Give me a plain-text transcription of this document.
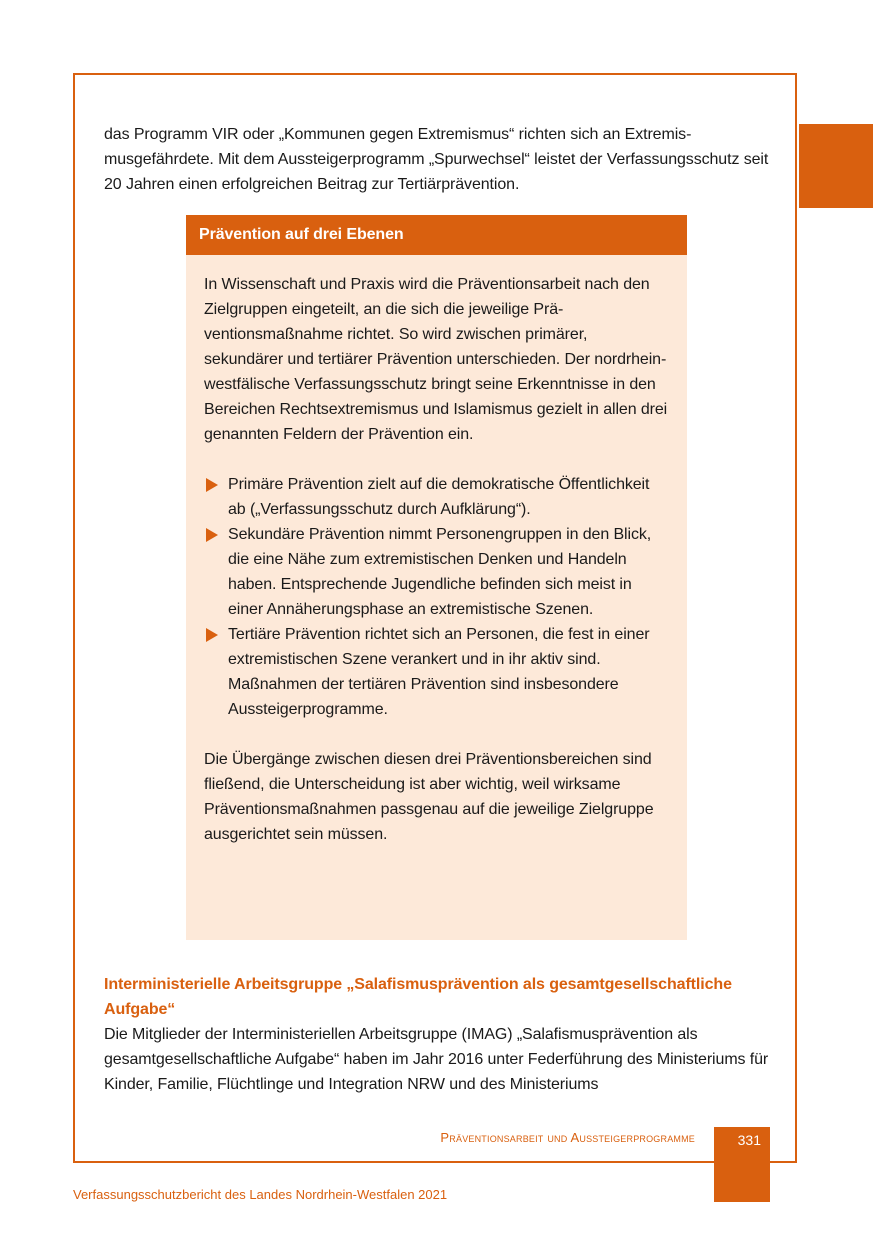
das Programm VIR oder „Kommunen gegen Extremismus“ richten sich an Extremismusgefährdete. Mit dem Aussteigerprogramm „Spurwechsel“ leistet der Verfassungsschutz seit 20 Jahren einen erfolgreichen Beitrag zur Tertiärprävention.

Prävention auf drei Ebenen

In Wissenschaft und Praxis wird die Präventionsarbeit nach den Zielgruppen eingeteilt, an die sich die jeweilige Präventionsmaßnahme richtet. So wird zwischen primärer, sekundärer und tertiärer Prävention unterschieden. Der nordrhein-westfälische Verfassungsschutz bringt seine Erkenntnisse in den Bereichen Rechtsextremismus und Islamismus gezielt in allen drei genannten Feldern der Prävention ein.

Primäre Prävention zielt auf die demokratische Öffentlichkeit ab („Verfassungsschutz durch Aufklärung“).
Sekundäre Prävention nimmt Personengruppen in den Blick, die eine Nähe zum extremistischen Denken und Handeln haben. Entsprechende Jugendliche befinden sich meist in einer Annäherungsphase an extremistische Szenen.
Tertiäre Prävention richtet sich an Personen, die fest in einer extremistischen Szene verankert und in ihr aktiv sind. Maßnahmen der tertiären Prävention sind insbesondere Aussteigerprogramme.

Die Übergänge zwischen diesen drei Präventionsbereichen sind fließend, die Unterscheidung ist aber wichtig, weil wirksame Präventionsmaßnahmen passgenau auf die jeweilige Zielgruppe ausgerichtet sein müssen.

Interministerielle Arbeitsgruppe „Salafismusprävention als gesamtgesellschaftliche Aufgabe“

Die Mitglieder der Interministeriellen Arbeitsgruppe (IMAG) „Salafismusprävention als gesamtgesellschaftliche Aufgabe“ haben im Jahr 2016 unter Federführung des Ministeriums für Kinder, Familie, Flüchtlinge und Integration NRW und des Ministeriums

Präventionsarbeit und Aussteigerprogramme	331
Verfassungsschutzbericht des Landes Nordrhein-Westfalen 2021
